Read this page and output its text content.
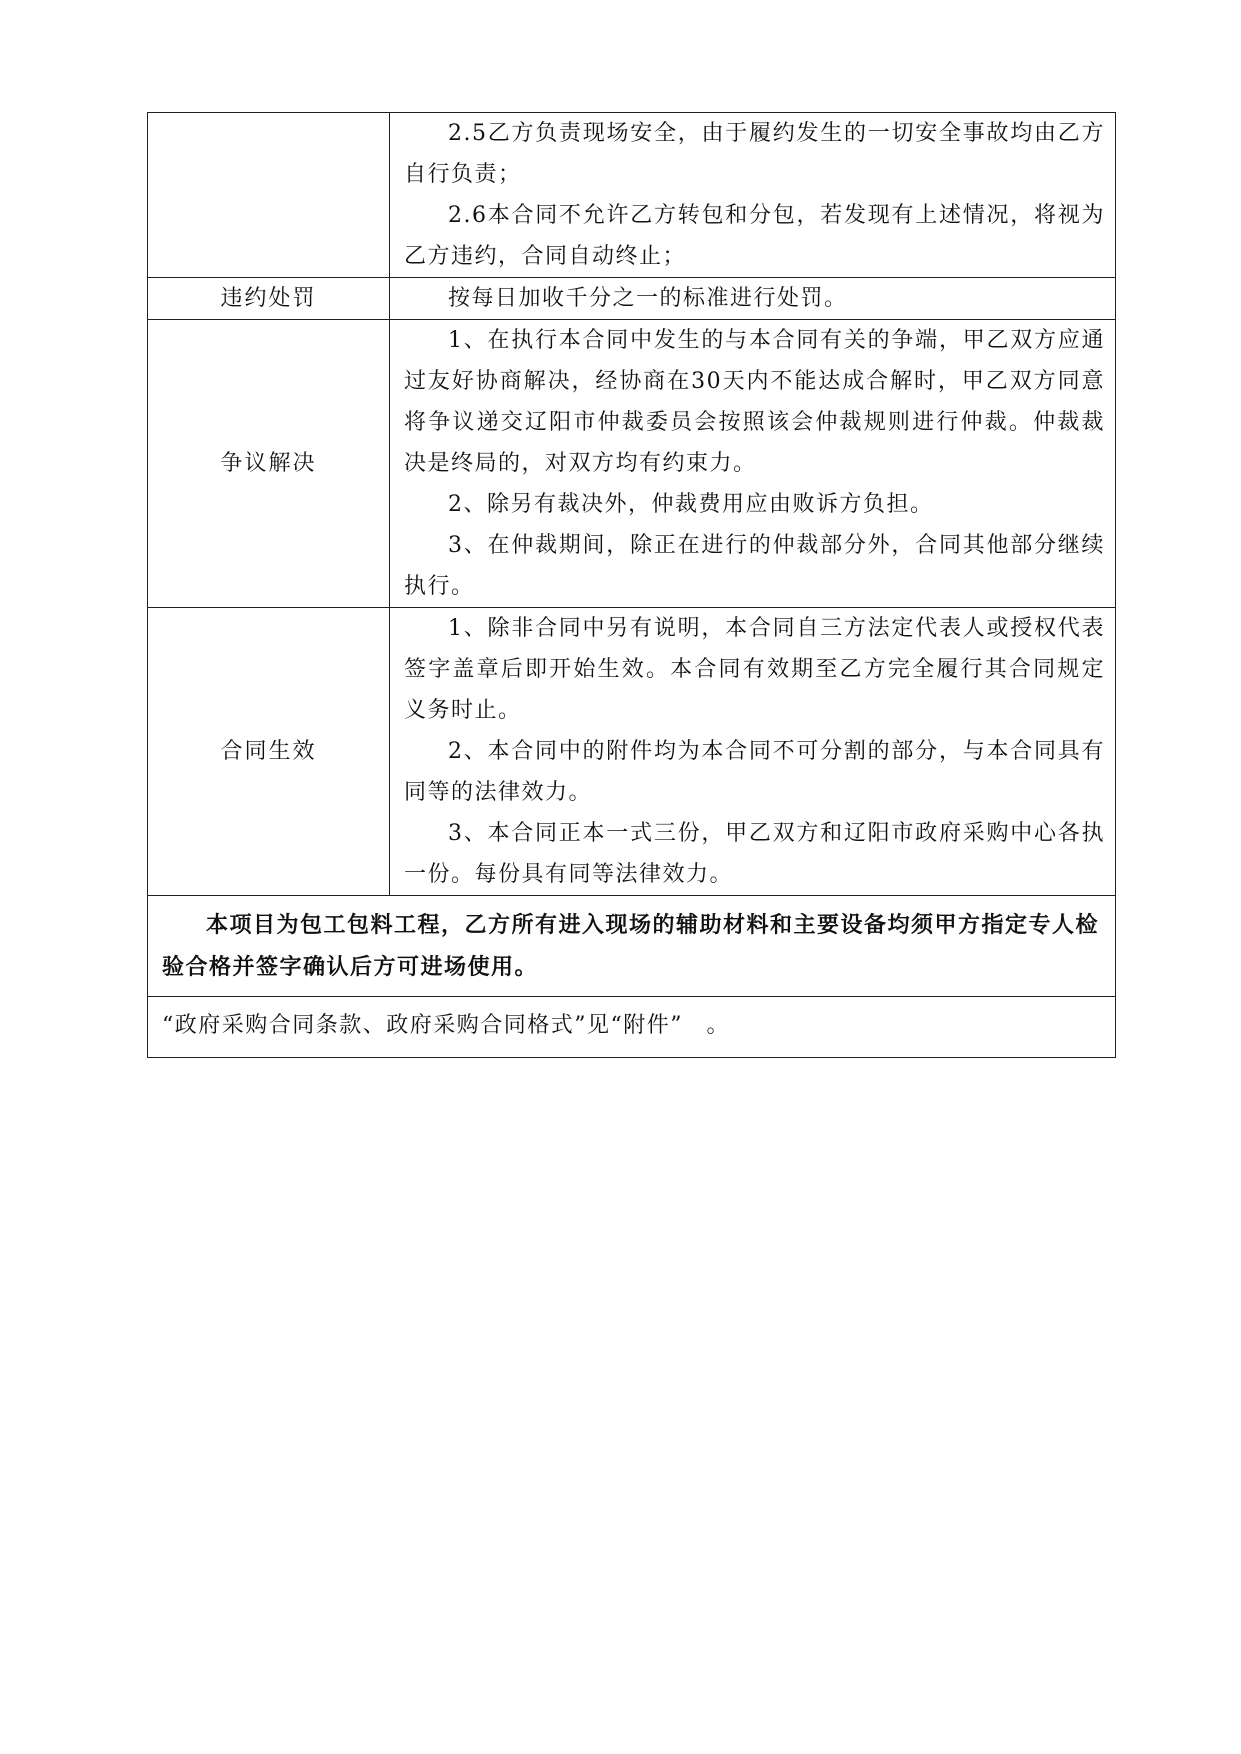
	2.5乙方负责现场安全，由于履约发生的一切安全事故均由乙方自行负责；

2.6本合同不允许乙方转包和分包，若发现有上述情况，将视为乙方违约，合同自动终止；

违约处罚	按每日加收千分之一的标准进行处罚。

争议解决	1、在执行本合同中发生的与本合同有关的争端，甲乙双方应通过友好协商解决，经协商在30天内不能达成合解时，甲乙双方同意将争议递交辽阳市仲裁委员会按照该会仲裁规则进行仲裁。仲裁裁决是终局的，对双方均有约束力。

2、除另有裁决外，仲裁费用应由败诉方负担。

3、在仲裁期间，除正在进行的仲裁部分外，合同其他部分继续执行。

合同生效	1、除非合同中另有说明，本合同自三方法定代表人或授权代表签字盖章后即开始生效。本合同有效期至乙方完全履行其合同规定义务时止。

2、本合同中的附件均为本合同不可分割的部分，与本合同具有同等的法律效力。

3、本合同正本一式三份，甲乙双方和辽阳市政府采购中心各执一份。每份具有同等法律效力。

本项目为包工包料工程，乙方所有进入现场的辅助材料和主要设备均须甲方指定专人检验合格并签字确认后方可进场使用。	

“政府采购合同条款、政府采购合同格式”见“附件”　。	
